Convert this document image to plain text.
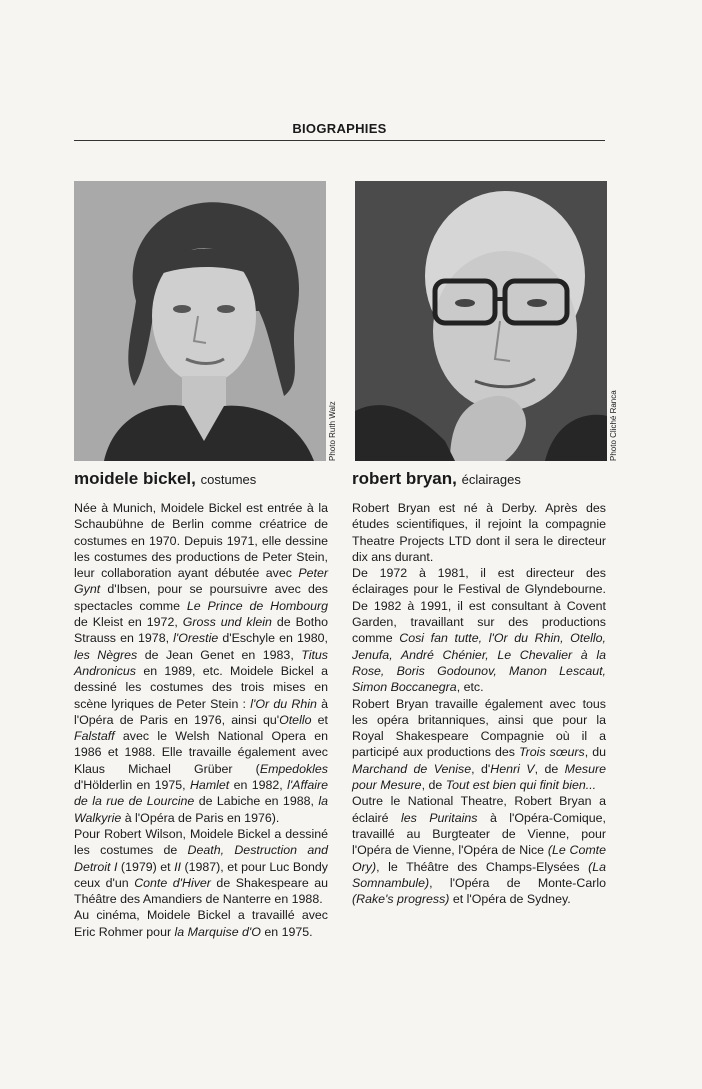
BIOGRAPHIES
Photo Ruth Walz	Photo Cliché Ranca
moidele bickel, costumes	robert bryan, éclairages

Née à Munich, Moidele Bickel est entrée à la Schaubühne de Berlin comme créatrice de costumes en 1970. Depuis 1971, elle dessine les costumes des productions de Peter Stein, leur collaboration ayant débutée avec Peter Gynt d'Ibsen, pour se poursuivre avec des spectacles comme Le Prince de Hombourg de Kleist en 1972, Gross und klein de Botho Strauss en 1978, l'Orestie d'Eschyle en 1980, les Nègres de Jean Genet en 1983, Titus Andronicus en 1989, etc. Moidele Bickel a dessiné les costumes des trois mises en scène lyriques de Peter Stein : l'Or du Rhin à l'Opéra de Paris en 1976, ainsi qu'Otello et Falstaff avec le Welsh National Opera en 1986 et 1988. Elle travaille également avec Klaus Michael Grüber (Empedokles d'Hölderlin en 1975, Hamlet en 1982, l'Affaire de la rue de Lourcine de Labiche en 1988, la Walkyrie à l'Opéra de Paris en 1976).

Pour Robert Wilson, Moidele Bickel a dessiné les costumes de Death, Destruction and Detroit I (1979) et II (1987), et pour Luc Bondy ceux d'un Conte d'Hiver de Shakespeare au Théâtre des Amandiers de Nanterre en 1988.

Au cinéma, Moidele Bickel a travaillé avec Eric Rohmer pour la Marquise d'O en 1975.

Robert Bryan est né à Derby. Après des études scientifiques, il rejoint la compagnie Theatre Projects LTD dont il sera le directeur dix ans durant.

De 1972 à 1981, il est directeur des éclairages pour le Festival de Glyndebourne. De 1982 à 1991, il est consultant à Covent Garden, travaillant sur des productions comme Cosi fan tutte, l'Or du Rhin, Otello, Jenufa, André Chénier, Le Chevalier à la Rose, Boris Godounov, Manon Lescaut, Simon Boccanegra, etc.

Robert Bryan travaille également avec tous les opéra britanniques, ainsi que pour la Royal Shakespeare Compagnie où il a participé aux productions des Trois sœurs, du Marchand de Venise, d'Henri V, de Mesure pour Mesure, de Tout est bien qui finit bien...

Outre le National Theatre, Robert Bryan a éclairé les Puritains à l'Opéra-Comique, travaillé au Burgteater de Vienne, pour l'Opéra de Vienne, l'Opéra de Nice (Le Comte Ory), le Théâtre des Champs-Elysées (La Somnambule), l'Opéra de Monte-Carlo (Rake's progress) et l'Opéra de Sydney.
